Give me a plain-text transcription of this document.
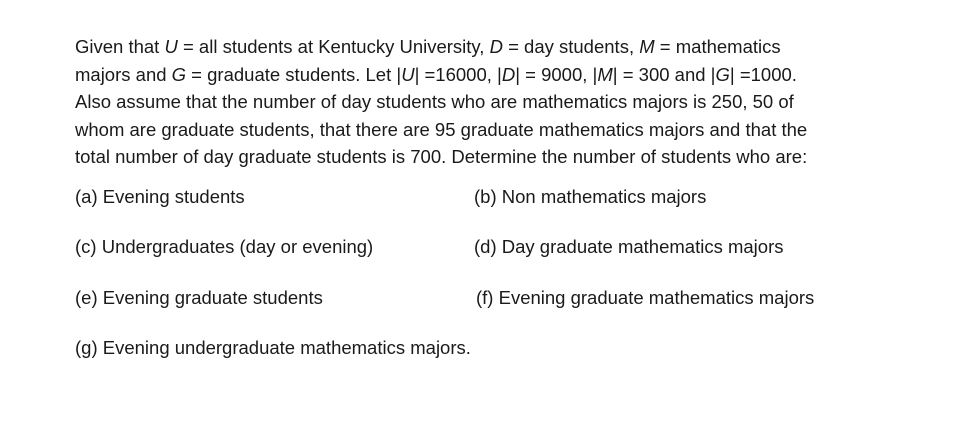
Given that U = all students at Kentucky University, D = day students, M = mathematics
majors and G = graduate students. Let |U| =16000, |D| = 9000, |M| = 300 and |G| =1000.
Also assume that the number of day students who are mathematics majors is 250, 50 of
whom are graduate students, that there are 95 graduate mathematics majors and that the
total number of day graduate students is 700. Determine the number of students who are:
(a) Evening students	(b) Non mathematics majors
(c) Undergraduates (day or evening)	(d) Day graduate mathematics majors
(e) Evening graduate students	(f) Evening graduate mathematics majors
(g) Evening undergraduate mathematics majors.
